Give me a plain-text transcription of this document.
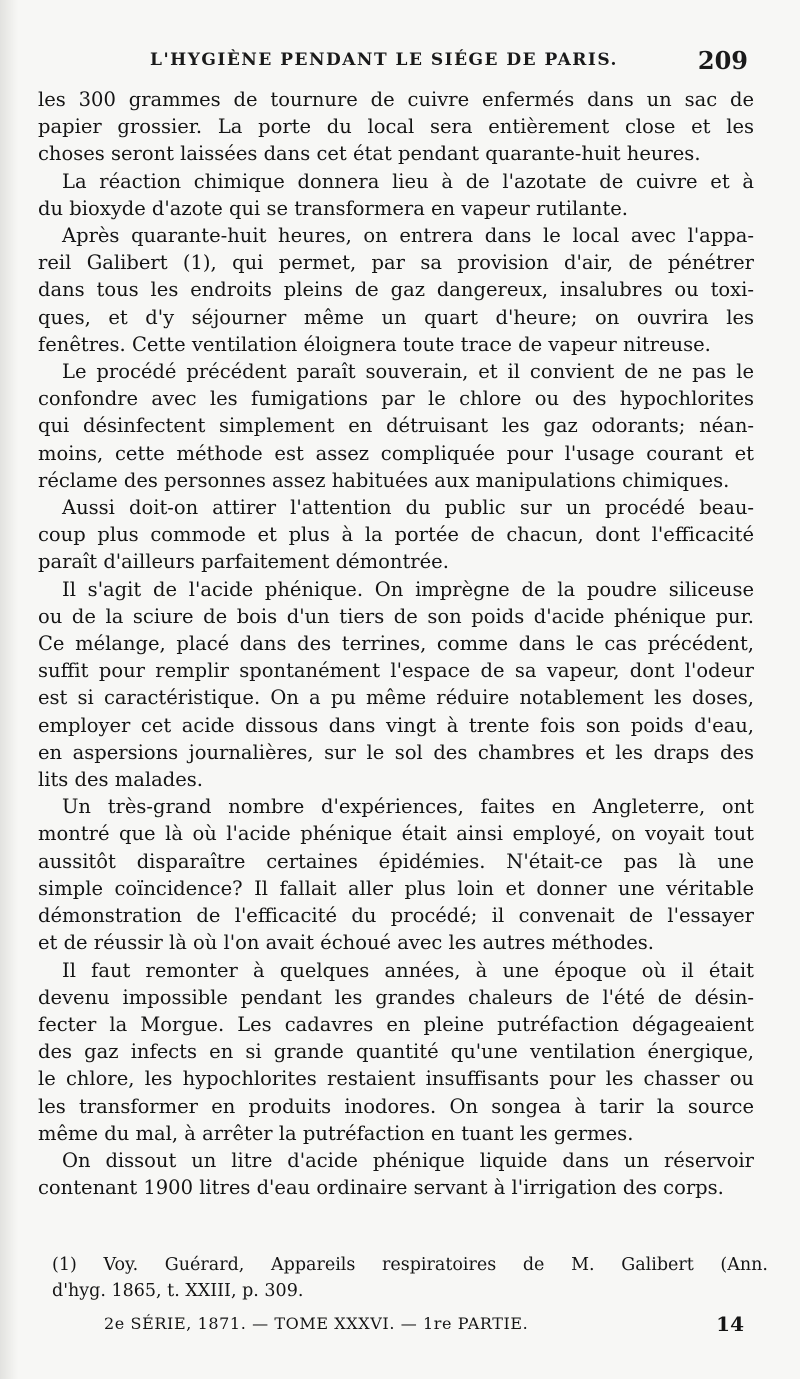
L'HYGIÈNE PENDANT LE SIÉGE DE PARIS.	209
les 300 grammes de tournure de cuivre enfermés dans un sac de
papier grossier. La porte du local sera entièrement close et les
choses seront laissées dans cet état pendant quarante-huit heures.
La réaction chimique donnera lieu à de l'azotate de cuivre et à
du bioxyde d'azote qui se transformera en vapeur rutilante.
Après quarante-huit heures, on entrera dans le local avec l'appa-
reil Galibert (1), qui permet, par sa provision d'air, de pénétrer
dans tous les endroits pleins de gaz dangereux, insalubres ou toxi-
ques, et d'y séjourner même un quart d'heure; on ouvrira les
fenêtres. Cette ventilation éloignera toute trace de vapeur nitreuse.
Le procédé précédent paraît souverain, et il convient de ne pas le
confondre avec les fumigations par le chlore ou des hypochlorites
qui désinfectent simplement en détruisant les gaz odorants; néan-
moins, cette méthode est assez compliquée pour l'usage courant et
réclame des personnes assez habituées aux manipulations chimiques.
Aussi doit-on attirer l'attention du public sur un procédé beau-
coup plus commode et plus à la portée de chacun, dont l'efficacité
paraît d'ailleurs parfaitement démontrée.
Il s'agit de l'acide phénique. On imprègne de la poudre siliceuse
ou de la sciure de bois d'un tiers de son poids d'acide phénique pur.
Ce mélange, placé dans des terrines, comme dans le cas précédent,
suffit pour remplir spontanément l'espace de sa vapeur, dont l'odeur
est si caractéristique. On a pu même réduire notablement les doses,
employer cet acide dissous dans vingt à trente fois son poids d'eau,
en aspersions journalières, sur le sol des chambres et les draps des
lits des malades.
Un très-grand nombre d'expériences, faites en Angleterre, ont
montré que là où l'acide phénique était ainsi employé, on voyait tout
aussitôt disparaître certaines épidémies. N'était-ce pas là une
simple coïncidence? Il fallait aller plus loin et donner une véritable
démonstration de l'efficacité du procédé; il convenait de l'essayer
et de réussir là où l'on avait échoué avec les autres méthodes.
Il faut remonter à quelques années, à une époque où il était
devenu impossible pendant les grandes chaleurs de l'été de désin-
fecter la Morgue. Les cadavres en pleine putréfaction dégageaient
des gaz infects en si grande quantité qu'une ventilation énergique,
le chlore, les hypochlorites restaient insuffisants pour les chasser ou
les transformer en produits inodores. On songea à tarir la source
même du mal, à arrêter la putréfaction en tuant les germes.
On dissout un litre d'acide phénique liquide dans un réservoir
contenant 1900 litres d'eau ordinaire servant à l'irrigation des corps.
(1) Voy. Guérard, Appareils respiratoires de M. Galibert (Ann.
d'hyg. 1865, t. XXIII, p. 309.
2e SÉRIE, 1871. — TOME XXXVI. — 1re PARTIE.	14
